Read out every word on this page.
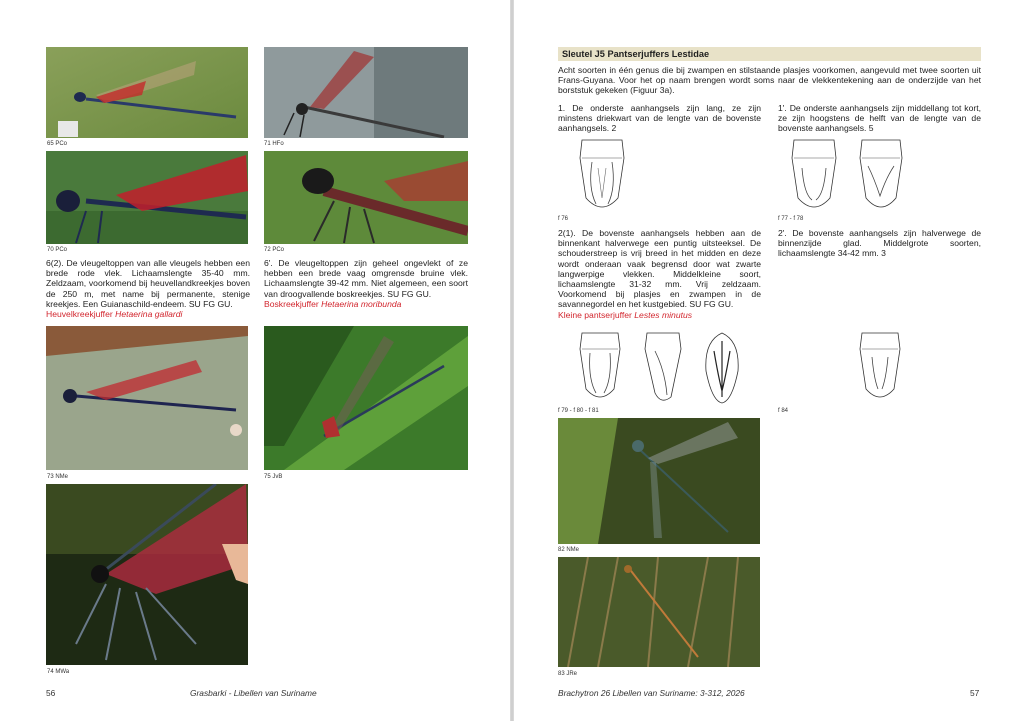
65 PCo	71 HFo
70 PCo	72 PCo
6(2). De vleugeltoppen van alle vleugels hebben een brede rode vlek. Lichaamslengte 35-40 mm. Zeldzaam, voorkomend bij heuvellandkreekjes boven de 250 m, met name bij permanente, stenige kreekjes. Een Guianaschild-endeem. SU FG GU.
Heuvelkreekjuffer Hetaerina gallardi
6'. De vleugeltoppen zijn geheel ongevlekt of ze hebben een brede vaag omgrensde bruine vlek. Lichaamslengte 39-42 mm. Niet algemeen, een soort van droogvallende boskreekjes. SU FG GU.
Boskreekjuffer Hetaerina moribunda
73 NMe	75 JvB
74 MWa
56	Grasbarki - Libellen van Suriname
Sleutel J5 Pantserjuffers Lestidae
Acht soorten in één genus die bij zwampen en stilstaande plasjes voorkomen, aangevuld met twee soorten uit Frans-Guyana. Voor het op naam brengen wordt soms naar de vlekkentekening aan de onderzijde van het borststuk gekeken (Figuur 3a).
1. De onderste aanhangsels zijn lang, ze zijn minstens driekwart van de lengte van de bovenste aanhangsels. 2
1'. De onderste aanhangsels zijn middellang tot kort, ze zijn hoogstens de helft van de lengte van de bovenste aanhangsels. 5
f 76	f 77 - f 78
2(1). De bovenste aanhangsels hebben aan de binnenkant halverwege een puntig uitsteeksel. De schouderstreep is vrij breed in het midden en deze wordt onderaan vaak begrensd door wat zwarte langwerpige vlekken. Middelkleine soort, lichaamslengte 31-32 mm. Vrij zeldzaam. Voorkomend bij plasjes en zwampen in de savannegordel en het kustgebied. SU FG GU.
Kleine pantserjuffer Lestes minutus
2'. De bovenste aanhangsels zijn halverwege de binnenzijde glad. Middelgrote soorten, lichaamslengte 34-42 mm. 3
f 79 - f 80 - f 81	f 84
82 NMe
83 JRe
Brachytron 26 Libellen van Suriname: 3-312, 2026	57
